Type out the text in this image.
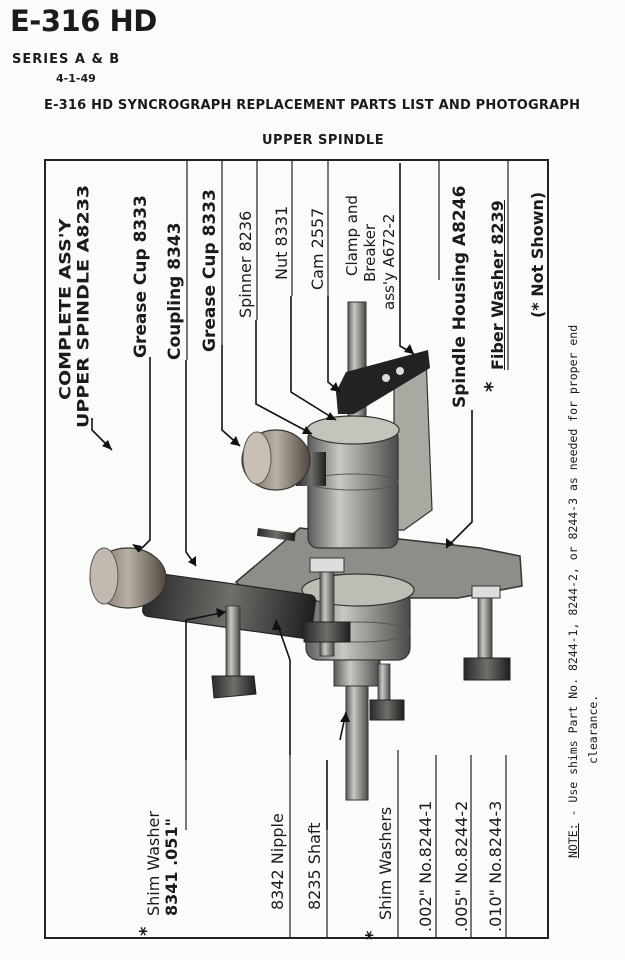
E-316 HD
SERIES A & B
4-1-49
E-316 HD SYNCROGRAPH REPLACEMENT PARTS LIST AND PHOTOGRAPH
UPPER SPINDLE
COMPLETE ASS'Y UPPER SPINDLE A8233 Grease Cup 8333 Coupling 8343 Grease Cup 8333 Spinner 8236 Nut 8331 Cam 2557 Clamp and Breaker ass'y A672-2	Spindle Housing A8246 *
Fiber Washer 8239 (* Not Shown)
*
Shim Washer 8341 .051"	8342 Nipple 8235 Shaft
*
Shim Washers .002" No.8244-1
.005" No.8244-2
.010" No.8244-3	NOTE: - Use shims Part No. 8244-1, 8244-2, or 8244-3 as needed for proper end clearance.
